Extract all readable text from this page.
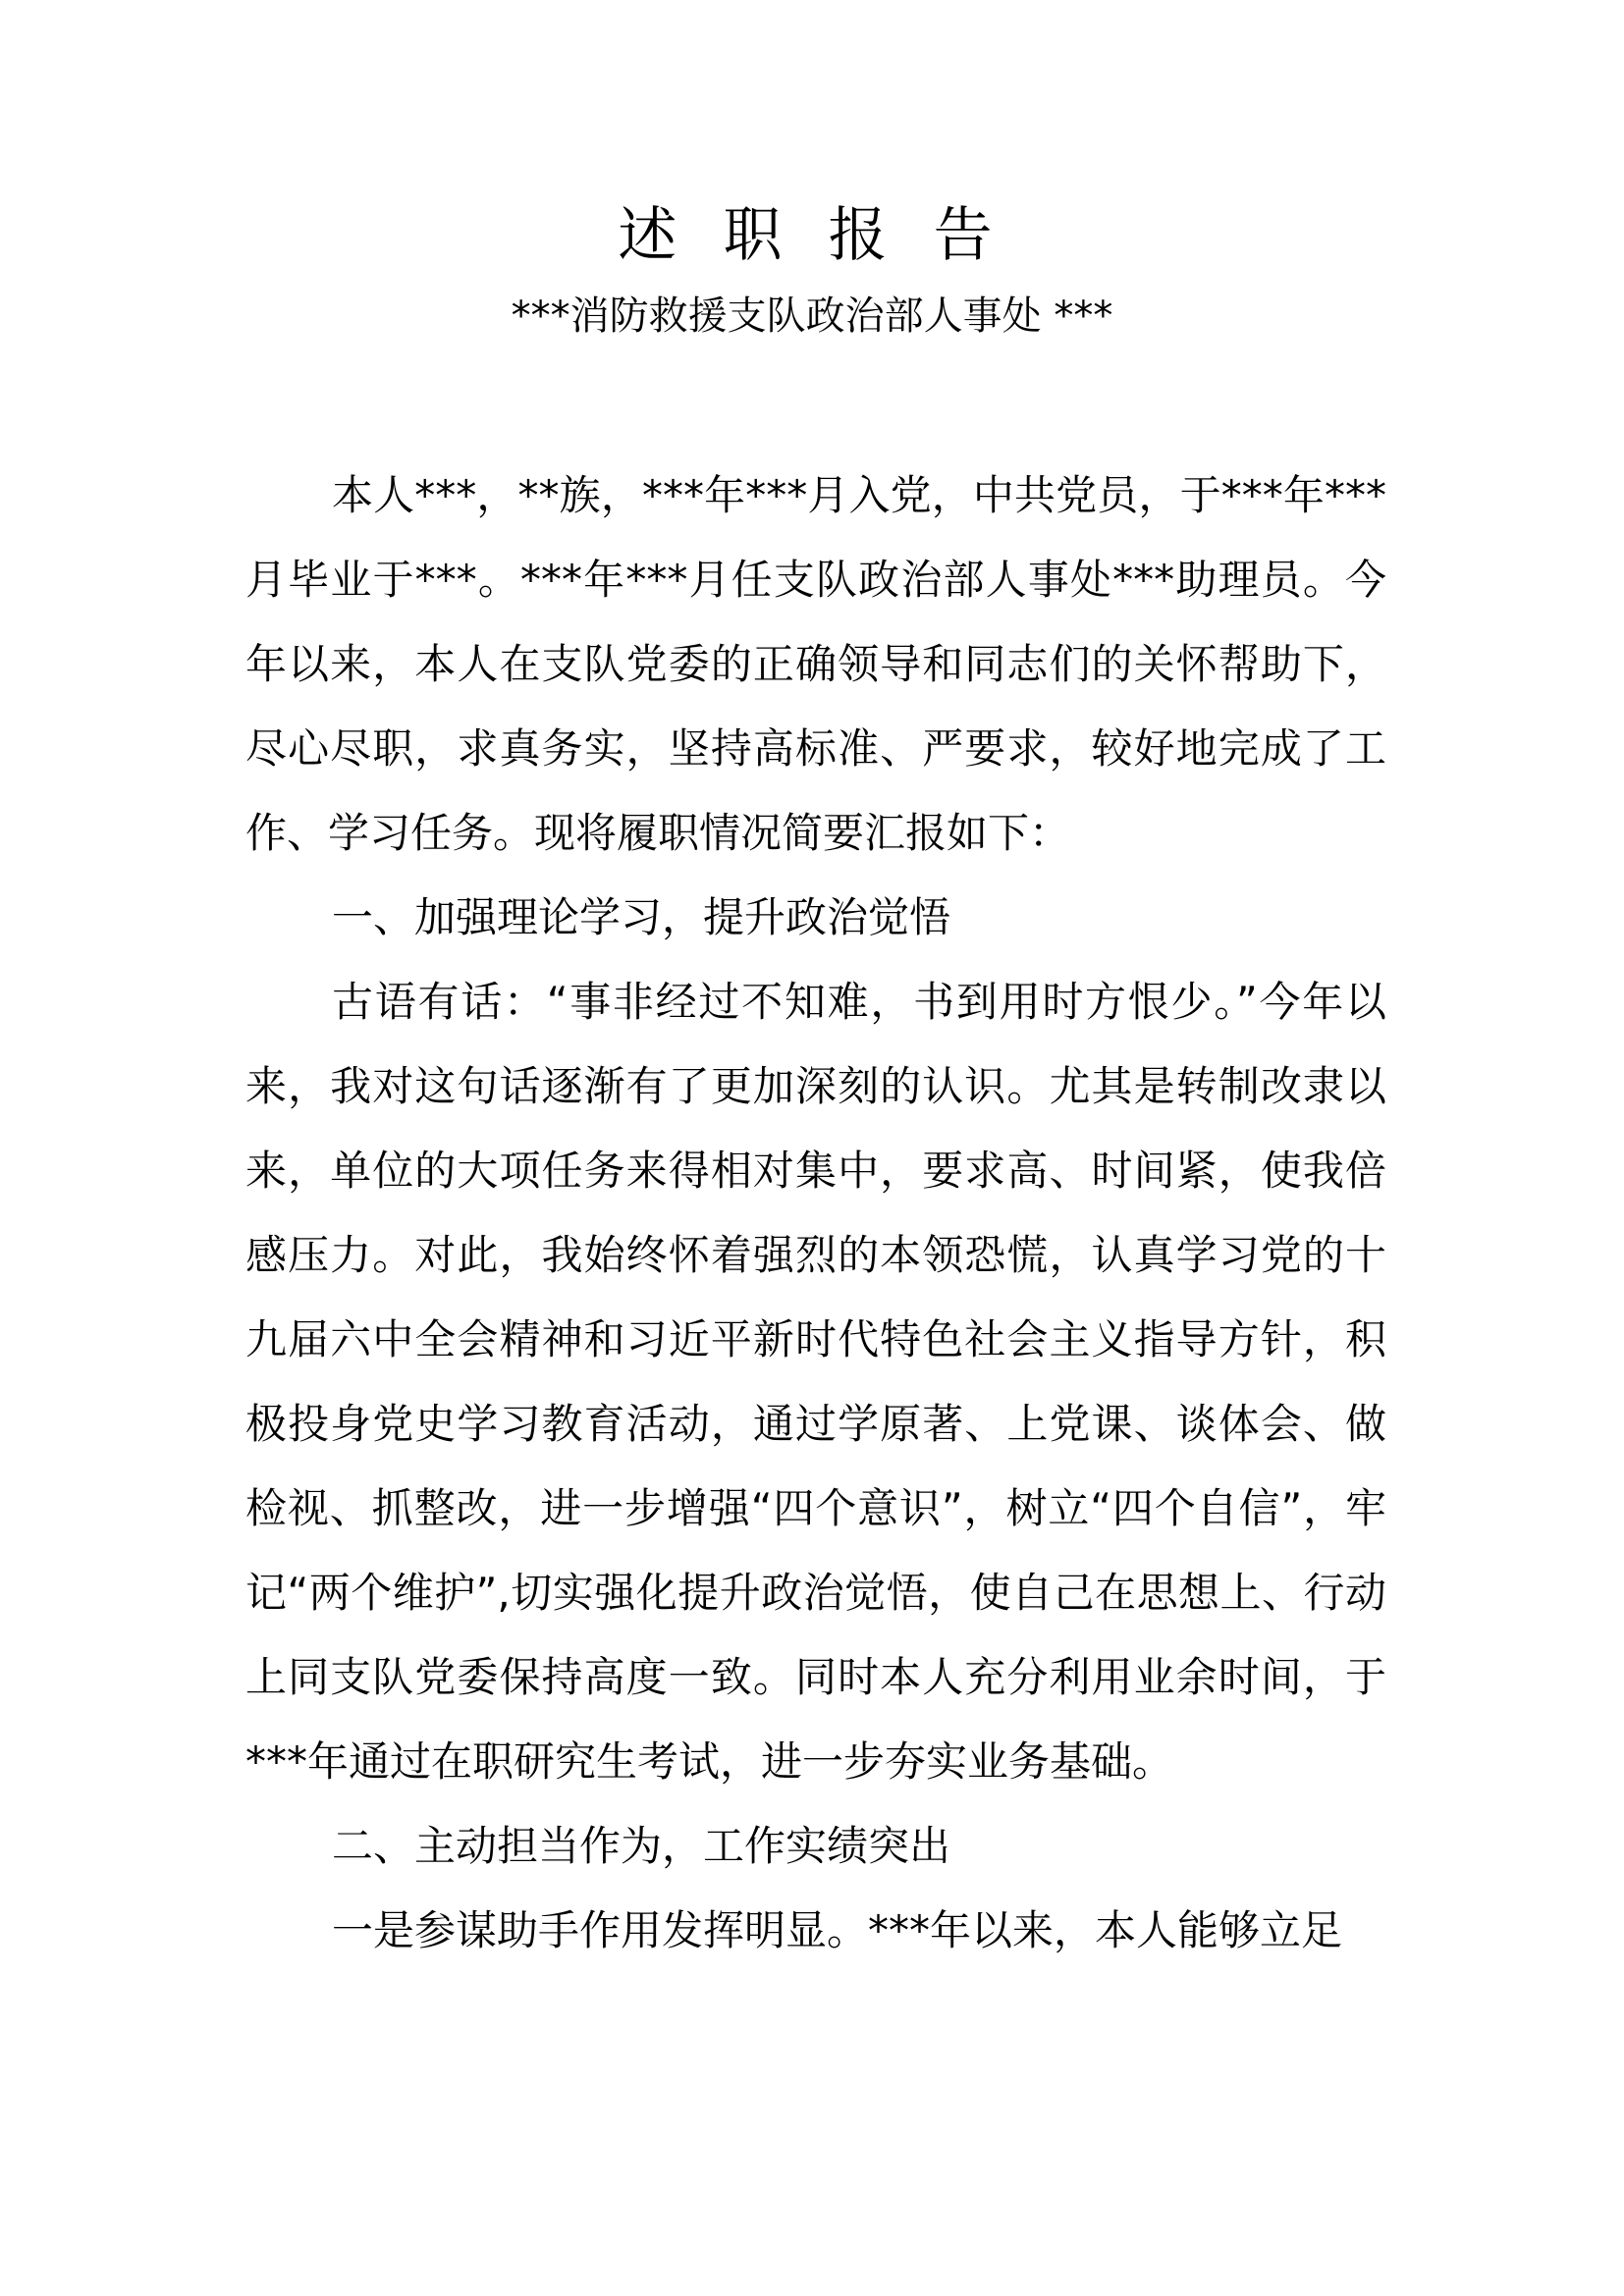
述 职 报 告
***消防救援支队政治部人事处 ***

本人***，**族，***年***月入党，中共党员，于***年***月毕业于***。***年***月任支队政治部人事处***助理员。今年以来，本人在支队党委的正确领导和同志们的关怀帮助下，尽心尽职，求真务实，坚持高标准、严要求，较好地完成了工作、学习任务。现将履职情况简要汇报如下：

一、加强理论学习，提升政治觉悟

古语有话：“事非经过不知难，书到用时方恨少。”今年以来，我对这句话逐渐有了更加深刻的认识。尤其是转制改隶以来，单位的大项任务来得相对集中，要求高、时间紧，使我倍感压力。对此，我始终怀着强烈的本领恐慌，认真学习党的十九届六中全会精神和习近平新时代特色社会主义指导方针，积极投身党史学习教育活动，通过学原著、上党课、谈体会、做检视、抓整改，进一步增强“四个意识”，树立“四个自信”，牢记“两个维护”,切实强化提升政治觉悟，使自己在思想上、行动上同支队党委保持高度一致。同时本人充分利用业余时间，于***年通过在职研究生考试，进一步夯实业务基础。

二、主动担当作为，工作实绩突出

一是参谋助手作用发挥明显。***年以来，本人能够立足
